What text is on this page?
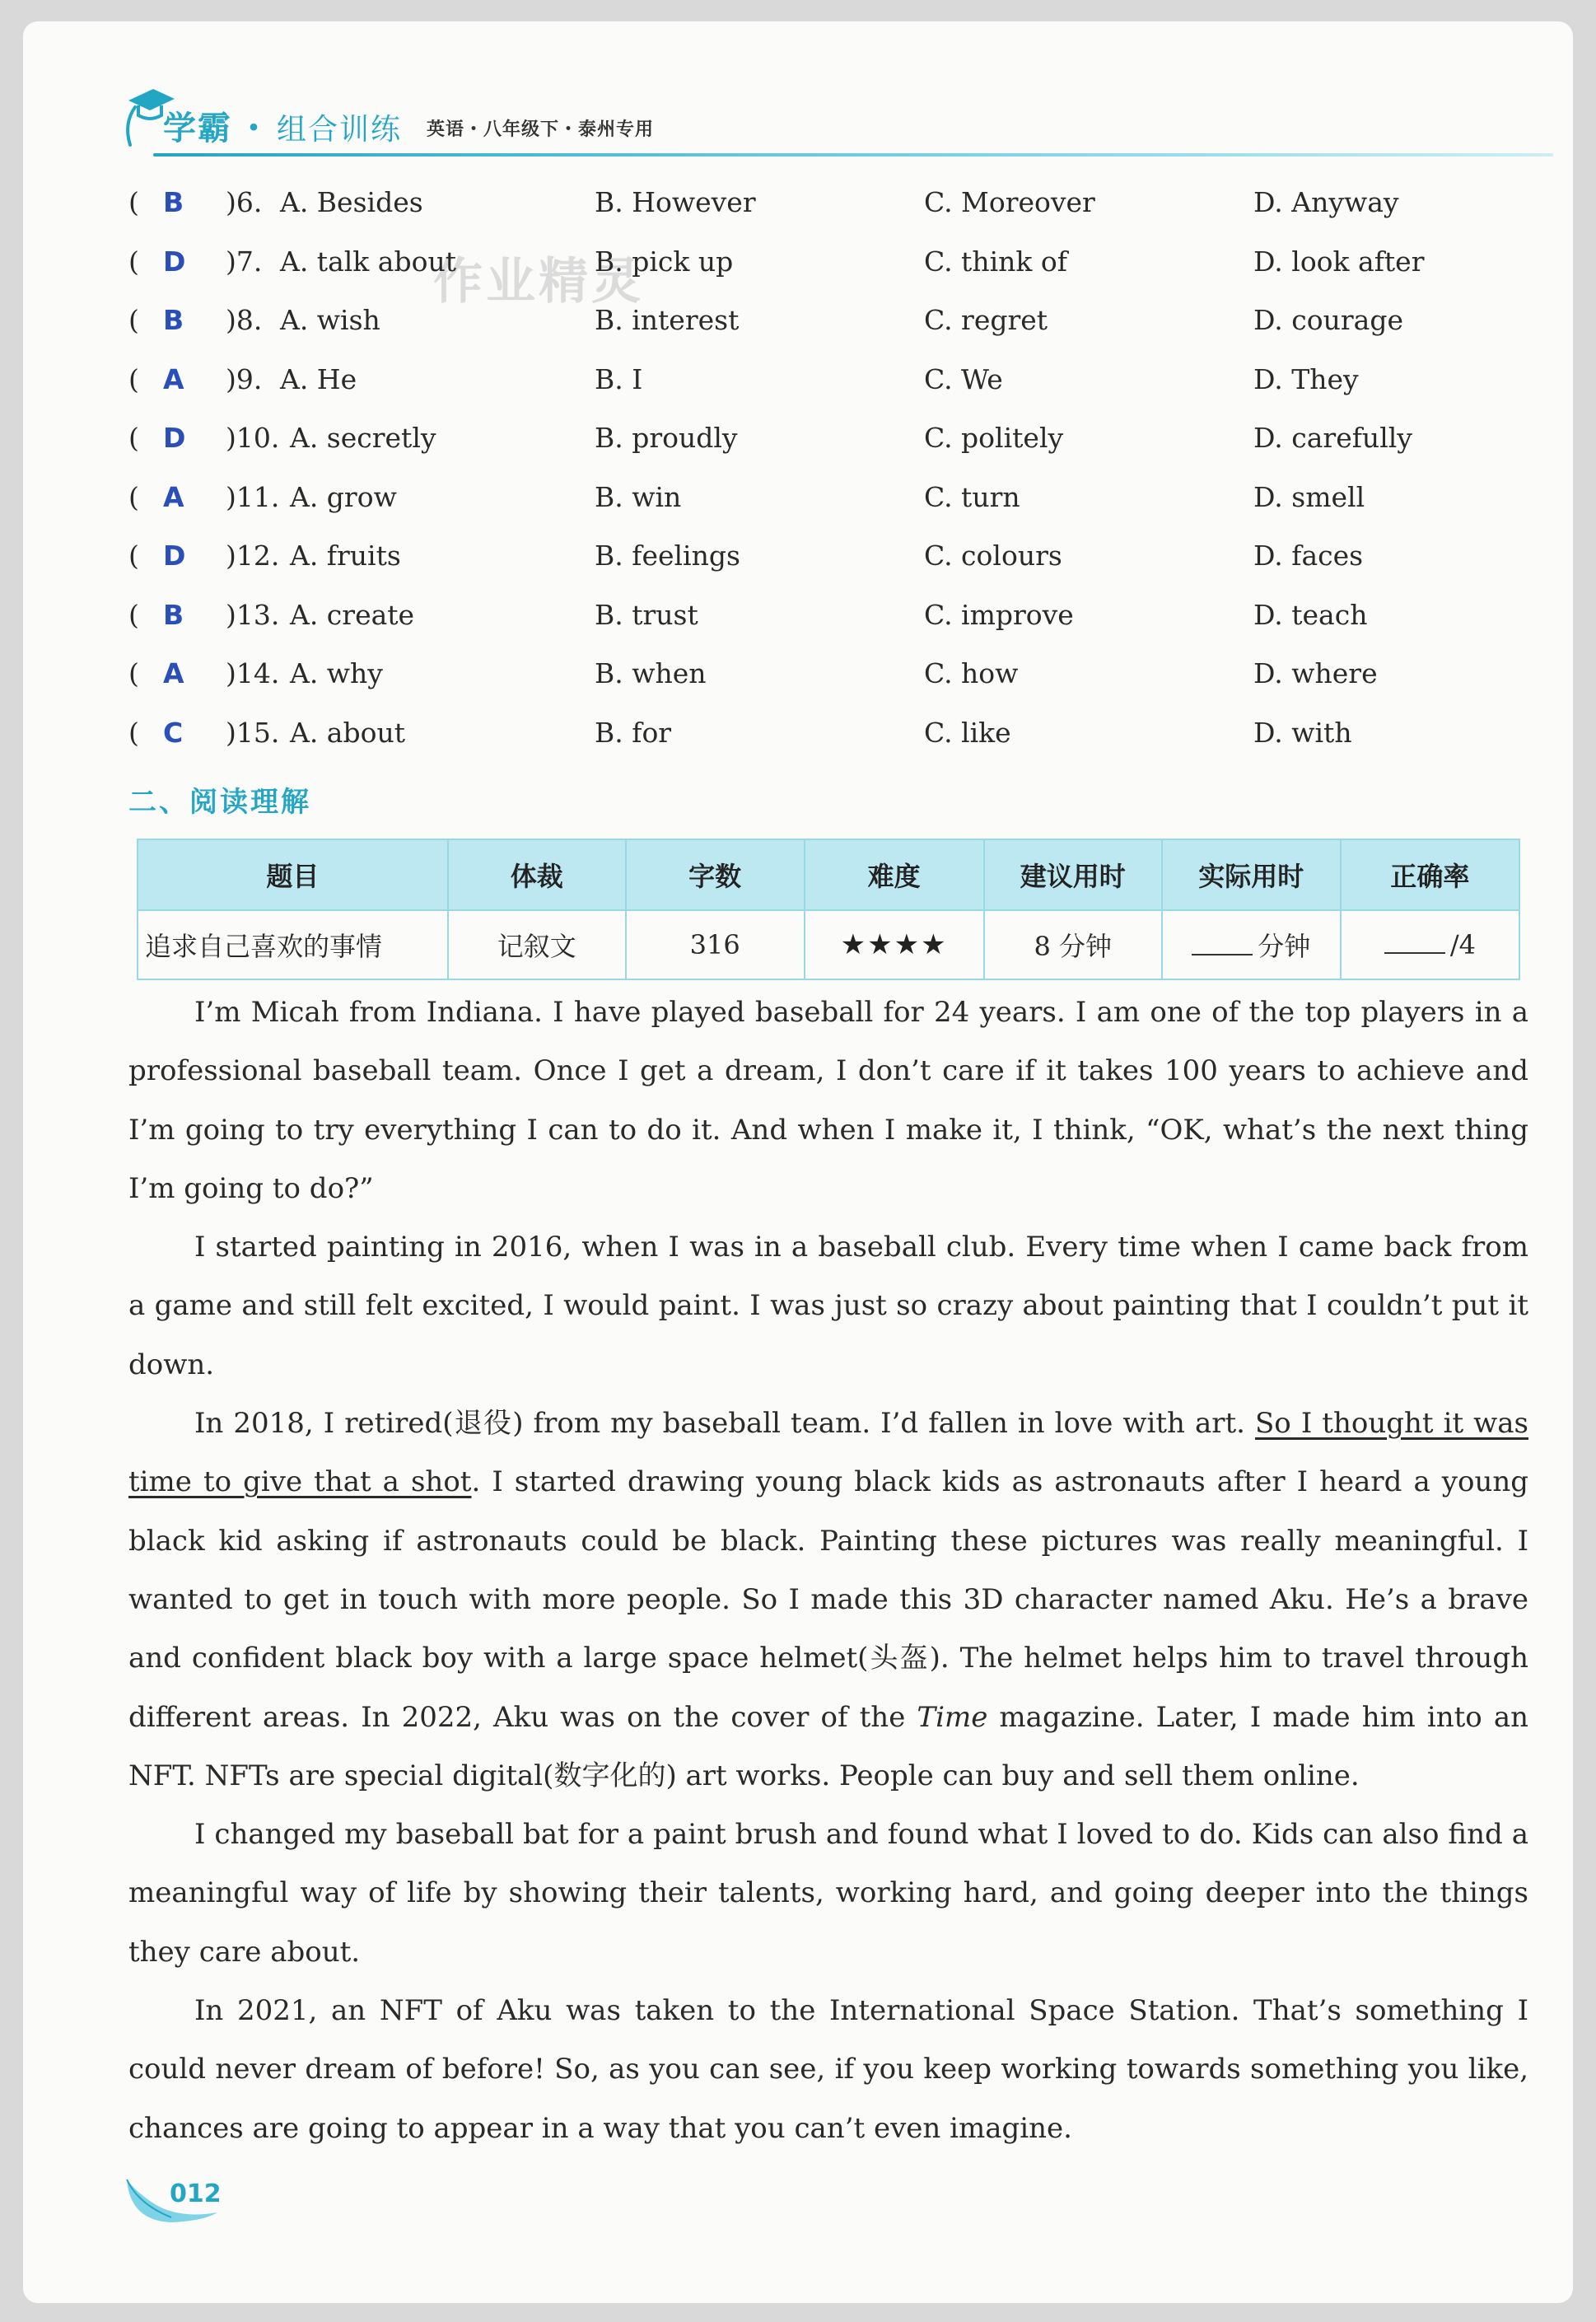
学霸 ・ 组合训练 英语・八年级下・泰州专用
作业精灵
( B )6. A. Besides	B. However	C. Moreover	D. Anyway
( D )7. A. talk about	B. pick up	C. think of	D. look after
( B )8. A. wish	B. interest	C. regret	D. courage
( A )9. A. He	B. I	C. We	D. They
( D )10. A. secretly	B. proudly	C. politely	D. carefully
( A )11. A. grow	B. win	C. turn	D. smell
( D )12. A. fruits	B. feelings	C. colours	D. faces
( B )13. A. create	B. trust	C. improve	D. teach
( A )14. A. why	B. when	C. how	D. where
( C )15. A. about	B. for	C. like	D. with
二、阅读理解
题目	体裁	字数	难度	建议用时	实际用时	正确率
追求自己喜欢的事情	记叙文	316	★★★★	8 分钟	分钟	/4

I’m Micah from Indiana. I have played baseball for 24 years. I am one of the top players in a professional baseball team. Once I get a dream, I don’t care if it takes 100 years to achieve and I’m going to try everything I can to do it. And when I make it, I think, “OK, what’s the next thing I’m going to do?”

I started painting in 2016, when I was in a baseball club. Every time when I came back from a game and still felt excited, I would paint. I was just so crazy about painting that I couldn’t put it down.

In 2018, I retired(退役) from my baseball team. I’d fallen in love with art. So I thought it was time to give that a shot. I started drawing young black kids as astronauts after I heard a young black kid asking if astronauts could be black. Painting these pictures was really meaningful. I wanted to get in touch with more people. So I made this 3D character named Aku. He’s a brave and confident black boy with a large space helmet(头盔). The helmet helps him to travel through different areas. In 2022, Aku was on the cover of the Time magazine. Later, I made him into an NFT. NFTs are special digital(数字化的) art works. People can buy and sell them online.

I changed my baseball bat for a paint brush and found what I loved to do. Kids can also find a meaningful way of life by showing their talents, working hard, and going deeper into the things they care about.

In 2021, an NFT of Aku was taken to the International Space Station. That’s something I could never dream of before! So, as you can see, if you keep working towards something you like, chances are going to appear in a way that you can’t even imagine.

012
